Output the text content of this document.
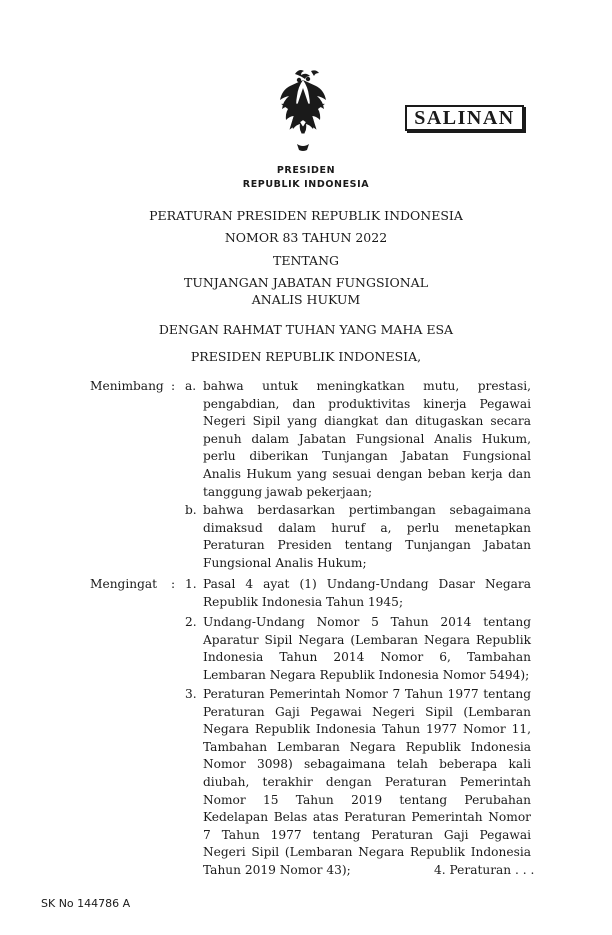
SALINAN
PRESIDEN
REPUBLIK INDONESIA
PERATURAN PRESIDEN REPUBLIK INDONESIA
NOMOR 83 TAHUN 2022
TENTANG
TUNJANGAN JABATAN FUNGSIONAL
ANALIS HUKUM
DENGAN RAHMAT TUHAN YANG MAHA ESA
PRESIDEN REPUBLIK INDONESIA,
Menimbang : a. bahwa untuk meningkatkan mutu, prestasi, pengabdian, dan produktivitas kinerja Pegawai Negeri Sipil yang diangkat dan ditugaskan secara penuh dalam Jabatan Fungsional Analis Hukum, perlu diberikan Tunjangan Jabatan Fungsional Analis Hukum yang sesuai dengan beban kerja dan tanggung jawab pekerjaan;
b. bahwa berdasarkan pertimbangan sebagaimana dimaksud dalam huruf a, perlu menetapkan Peraturan Presiden tentang Tunjangan Jabatan Fungsional Analis Hukum;
Mengingat : 1. Pasal 4 ayat (1) Undang-Undang Dasar Negara Republik Indonesia Tahun 1945;
2. Undang-Undang Nomor 5 Tahun 2014 tentang Aparatur Sipil Negara (Lembaran Negara Republik Indonesia Tahun 2014 Nomor 6, Tambahan Lembaran Negara Republik Indonesia Nomor 5494);
3. Peraturan Pemerintah Nomor 7 Tahun 1977 tentang Peraturan Gaji Pegawai Negeri Sipil (Lembaran Negara Republik Indonesia Tahun 1977 Nomor 11, Tambahan Lembaran Negara Republik Indonesia Nomor 3098) sebagaimana telah beberapa kali diubah, terakhir dengan Peraturan Pemerintah Nomor 15 Tahun 2019 tentang Perubahan Kedelapan Belas atas Peraturan Pemerintah Nomor 7 Tahun 1977 tentang Peraturan Gaji Pegawai Negeri Sipil (Lembaran Negara Republik Indonesia Tahun 2019 Nomor 43);	4. Peraturan . . .
SK No 144786 A
